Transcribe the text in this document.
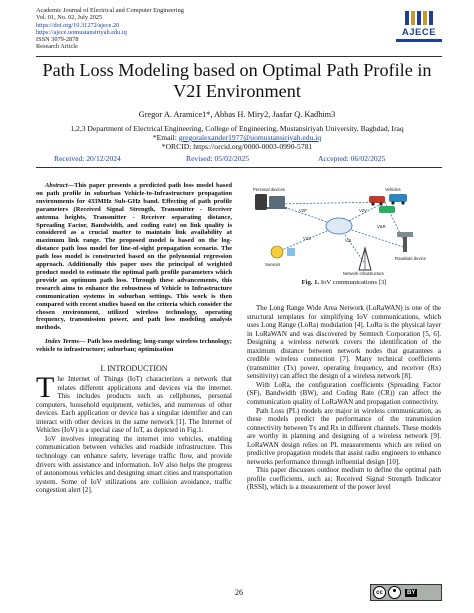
Academic Journal of Electrical and Computer Engineering
Vol. 01, No. 02, July 2025
https://doi.org/10.31272/ajece.20
https://ajece.uomustansiriyah.edu.iq
ISSN 3079-2878
Research Article
AJECE
Path Loss Modeling based on Optimal Path Profile in
V2I Environment
Gregor A. Aramice1*, Abbas H. Miry2, Jaafar Q. Kadhim3
1,2,3 Department of Electrical Engineering, College of Engineering, Mustansiriyah University, Baghdad, Iraq
*Email: gregoralexander1977@uomustansiriyah.edu.iq
*ORCID: https://orcid.org/0000-0003-0990-5781
Received: 20/12/2024	Revised: 05/02/2025	Accepted: 06/02/2025

Abstract—This paper presents a predicted path loss model based on path profile in suburban Vehicle-to-Infrastructure propagation environments for 433MHz Sub-GHz band. Effecting of path profile parameters (Received Signal Strength, Transmitter - Receiver antenna heights, Transmitter - Receiver separating distance, Spreading Factor, Bandwidth, and coding rate) on link quality is considered as a crucial matter to maintain link availability at maximum link range. The proposed model is based on the log-distance path loss model for line-of-sight propagation scenario. The path loss model is constructed based on the polynomial regression approach. Additionally this paper uses the principal of weighted product model to estimate the optimal path profile parameters which provide an optimum path loss. Through these advancements, this research aims to enhance the robustness of Vehicle to Infrastructure communication systems in suburban settings. This work is then compared with recent studies based on the criteria which consider the chosen environment, utilized wireless technology, operating frequency, transmission power, and path loss modeling analysis methods.

Index Terms— Path loss modeling; long-range wireless technology; vehicle to infrastructure; suburban; optimization

I. INTRODUCTION

The Internet of Things (IoT) characterizes a network that relates different applications and devices via the internet. This includes products such as cellphones, personal computers, household equipment, vehicles, and numerous of other devices. Each application or device has a singular identifier and can interact with other devices in the same network [1]. The Internet of Vehicles (IoV) is a special case of IoT, as depicted in Fig.1.

IoV involves integrating the internet into vehicles, enabling communication between vehicles and roadside infrastructure. This technology can enhance safety, leverage traffic flow, and provide drivers with assistance and information. IoV also helps the progress of autonomous vehicles and designing smart cities and transportation system. Some of IoV utilizations are collision avoidance, traffic congestion alert [2].

Personal devices	Vehicles
V2P	V2V
V2I
V&R
V2S
Roadside device
Sensors
Network infrastructure
Fig. 1. IoV communications [3]

The Long Range Wide Area Network (LoRaWAN) is one of the structural templates for simplifying IoV communications, which uses Long Range (LoRa) modulation [4]. LoRa is the physical layer in LoRaWAN and was discovered by Semtech Corporation [5, 6]. Designing a wireless network covers the identification of the maximum distance between network nodes that guarantees a credible wireless connection [7]. Many technical coefficients (transmitter (Tx) power, operating frequency, and receiver (Rx) sensitivity) can affect the design of a wireless network [8].

With LoRa, the configuration coefficients (Spreading Factor (SF), Bandwidth (BW), and Coding Rate (CR)) can affect the communication quality of LoRaWAN and propagation connectivity.

Path Loss (PL) models are major in wireless communication, as these models predict the performance of the transmission connectivity between Tx and Rx in different channels. These models are worthy in planning and designing of a wireless network [9]. LoRaWAN design relies on PL measurements which are relied on predictive propagation models that assist radio engineers to enhance networks performance through influential design [10].

This paper discusses outdoor medium to define the optimal path profile coefficients, such as; Received Signal Strength Indicator (RSSI), which is a measurement of the power level

26	cc	BY
